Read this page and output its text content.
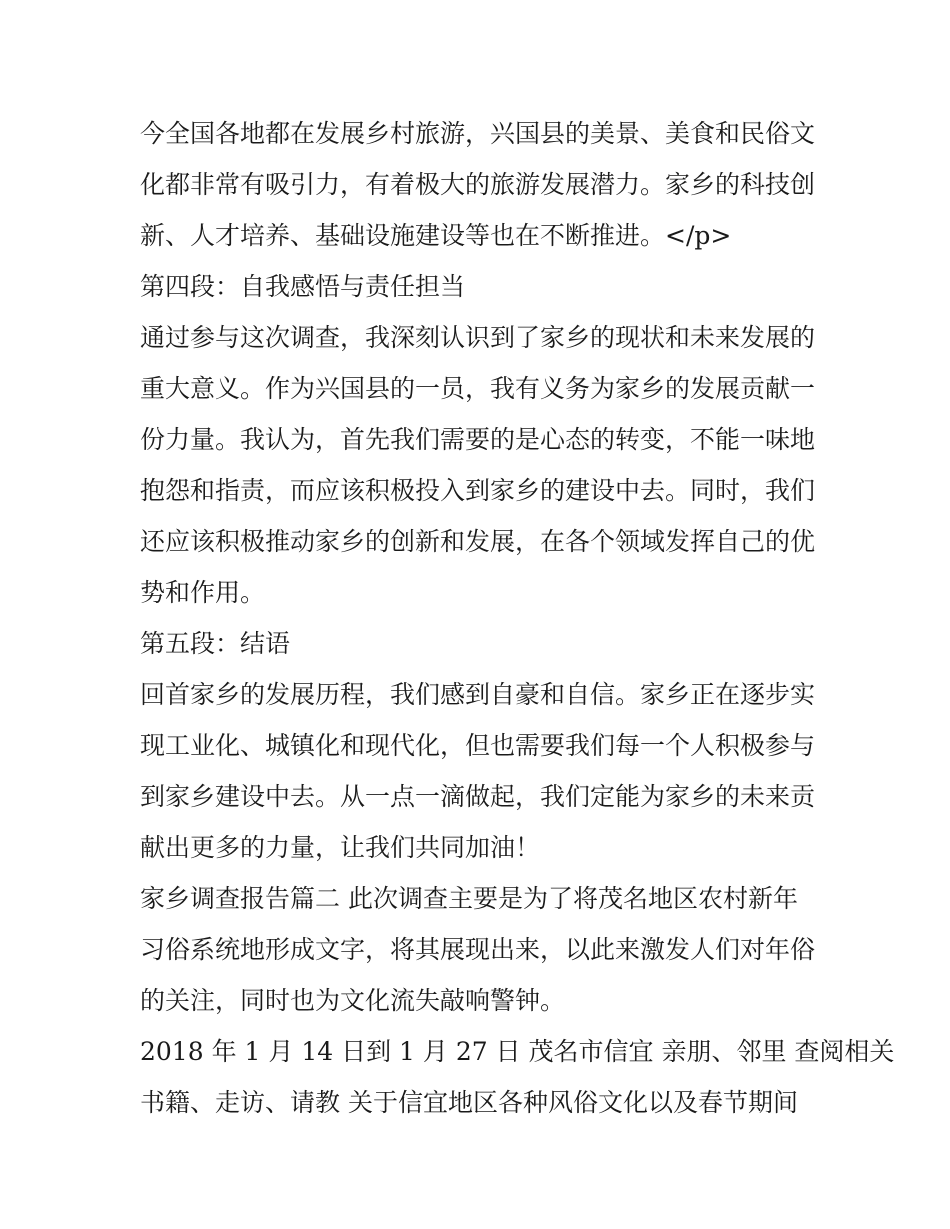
今全国各地都在发展乡村旅游，兴国县的美景、美食和民俗文
化都非常有吸引力，有着极大的旅游发展潜力。家乡的科技创
新、人才培养、基础设施建设等也在不断推进。</p>
第四段：自我感悟与责任担当
通过参与这次调查，我深刻认识到了家乡的现状和未来发展的
重大意义。作为兴国县的一员，我有义务为家乡的发展贡献一
份力量。我认为，首先我们需要的是心态的转变，不能一味地
抱怨和指责，而应该积极投入到家乡的建设中去。同时，我们
还应该积极推动家乡的创新和发展，在各个领域发挥自己的优
势和作用。
第五段：结语
回首家乡的发展历程，我们感到自豪和自信。家乡正在逐步实
现工业化、城镇化和现代化，但也需要我们每一个人积极参与
到家乡建设中去。从一点一滴做起，我们定能为家乡的未来贡
献出更多的力量，让我们共同加油！
家乡调查报告篇二 此次调查主要是为了将茂名地区农村新年
习俗系统地形成文字，将其展现出来，以此来激发人们对年俗
的关注，同时也为文化流失敲响警钟。
2018 年 1 月 14 日到 1 月 27 日 茂名市信宜 亲朋、邻里 查阅相关
书籍、走访、请教 关于信宜地区各种风俗文化以及春节期间
